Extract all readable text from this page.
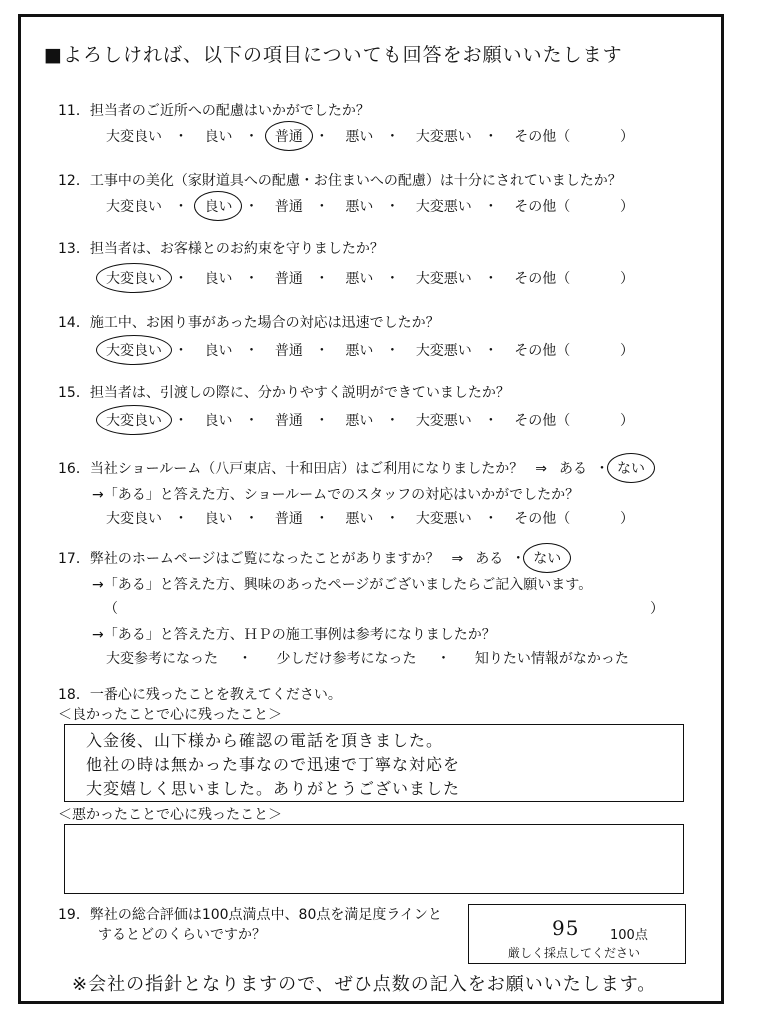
■よろしければ、以下の項目についても回答をお願いいたします
11．担当者のご近所への配慮はいかがでしたか？
大変良い ・ 良い ・ 普通 ・ 悪い ・ 大変悪い ・ その他（	）
12．工事中の美化（家財道具への配慮・お住まいへの配慮）は十分にされていましたか？
大変良い ・ 良い ・ 普通 ・ 悪い ・ 大変悪い ・ その他（	）
13．担当者は、お客様とのお約束を守りましたか？
大変良い ・ 良い ・ 普通 ・ 悪い ・ 大変悪い ・ その他（	）
14．施工中、お困り事があった場合の対応は迅速でしたか？
大変良い ・ 良い ・ 普通 ・ 悪い ・ 大変悪い ・ その他（	）
15．担当者は、引渡しの際に、分かりやすく説明ができていましたか？
大変良い ・ 良い ・ 普通 ・ 悪い ・ 大変悪い ・ その他（	）
16．当社ショールーム（八戸東店、十和田店）はご利用になりましたか？ ⇒ ある ・ ない
→「ある」と答えた方、ショールームでのスタッフの対応はいかがでしたか？
大変良い ・ 良い ・ 普通 ・ 悪い ・ 大変悪い ・ その他（	）
17．弊社のホームページはご覧になったことがありますか？ ⇒ ある ・ ない
→「ある」と答えた方、興味のあったページがございましたらご記入願います。
（	）
→「ある」と答えた方、ＨＰの施工事例は参考になりましたか？
大変参考になった ・ 少しだけ参考になった ・ 知りたい情報がなかった
18．一番心に残ったことを教えてください。
＜良かったことで心に残ったこと＞
入金後、山下様から確認の電話を頂きました。
他社の時は無かった事なので迅速で丁寧な対応を
大変嬉しく思いました。ありがとうございました
＜悪かったことで心に残ったこと＞
19．弊社の総合評価は100点満点中、80点を満足度ラインと
するとどのくらいですか？	95 100点
厳しく採点してください
※会社の指針となりますので、ぜひ点数の記入をお願いいたします。
